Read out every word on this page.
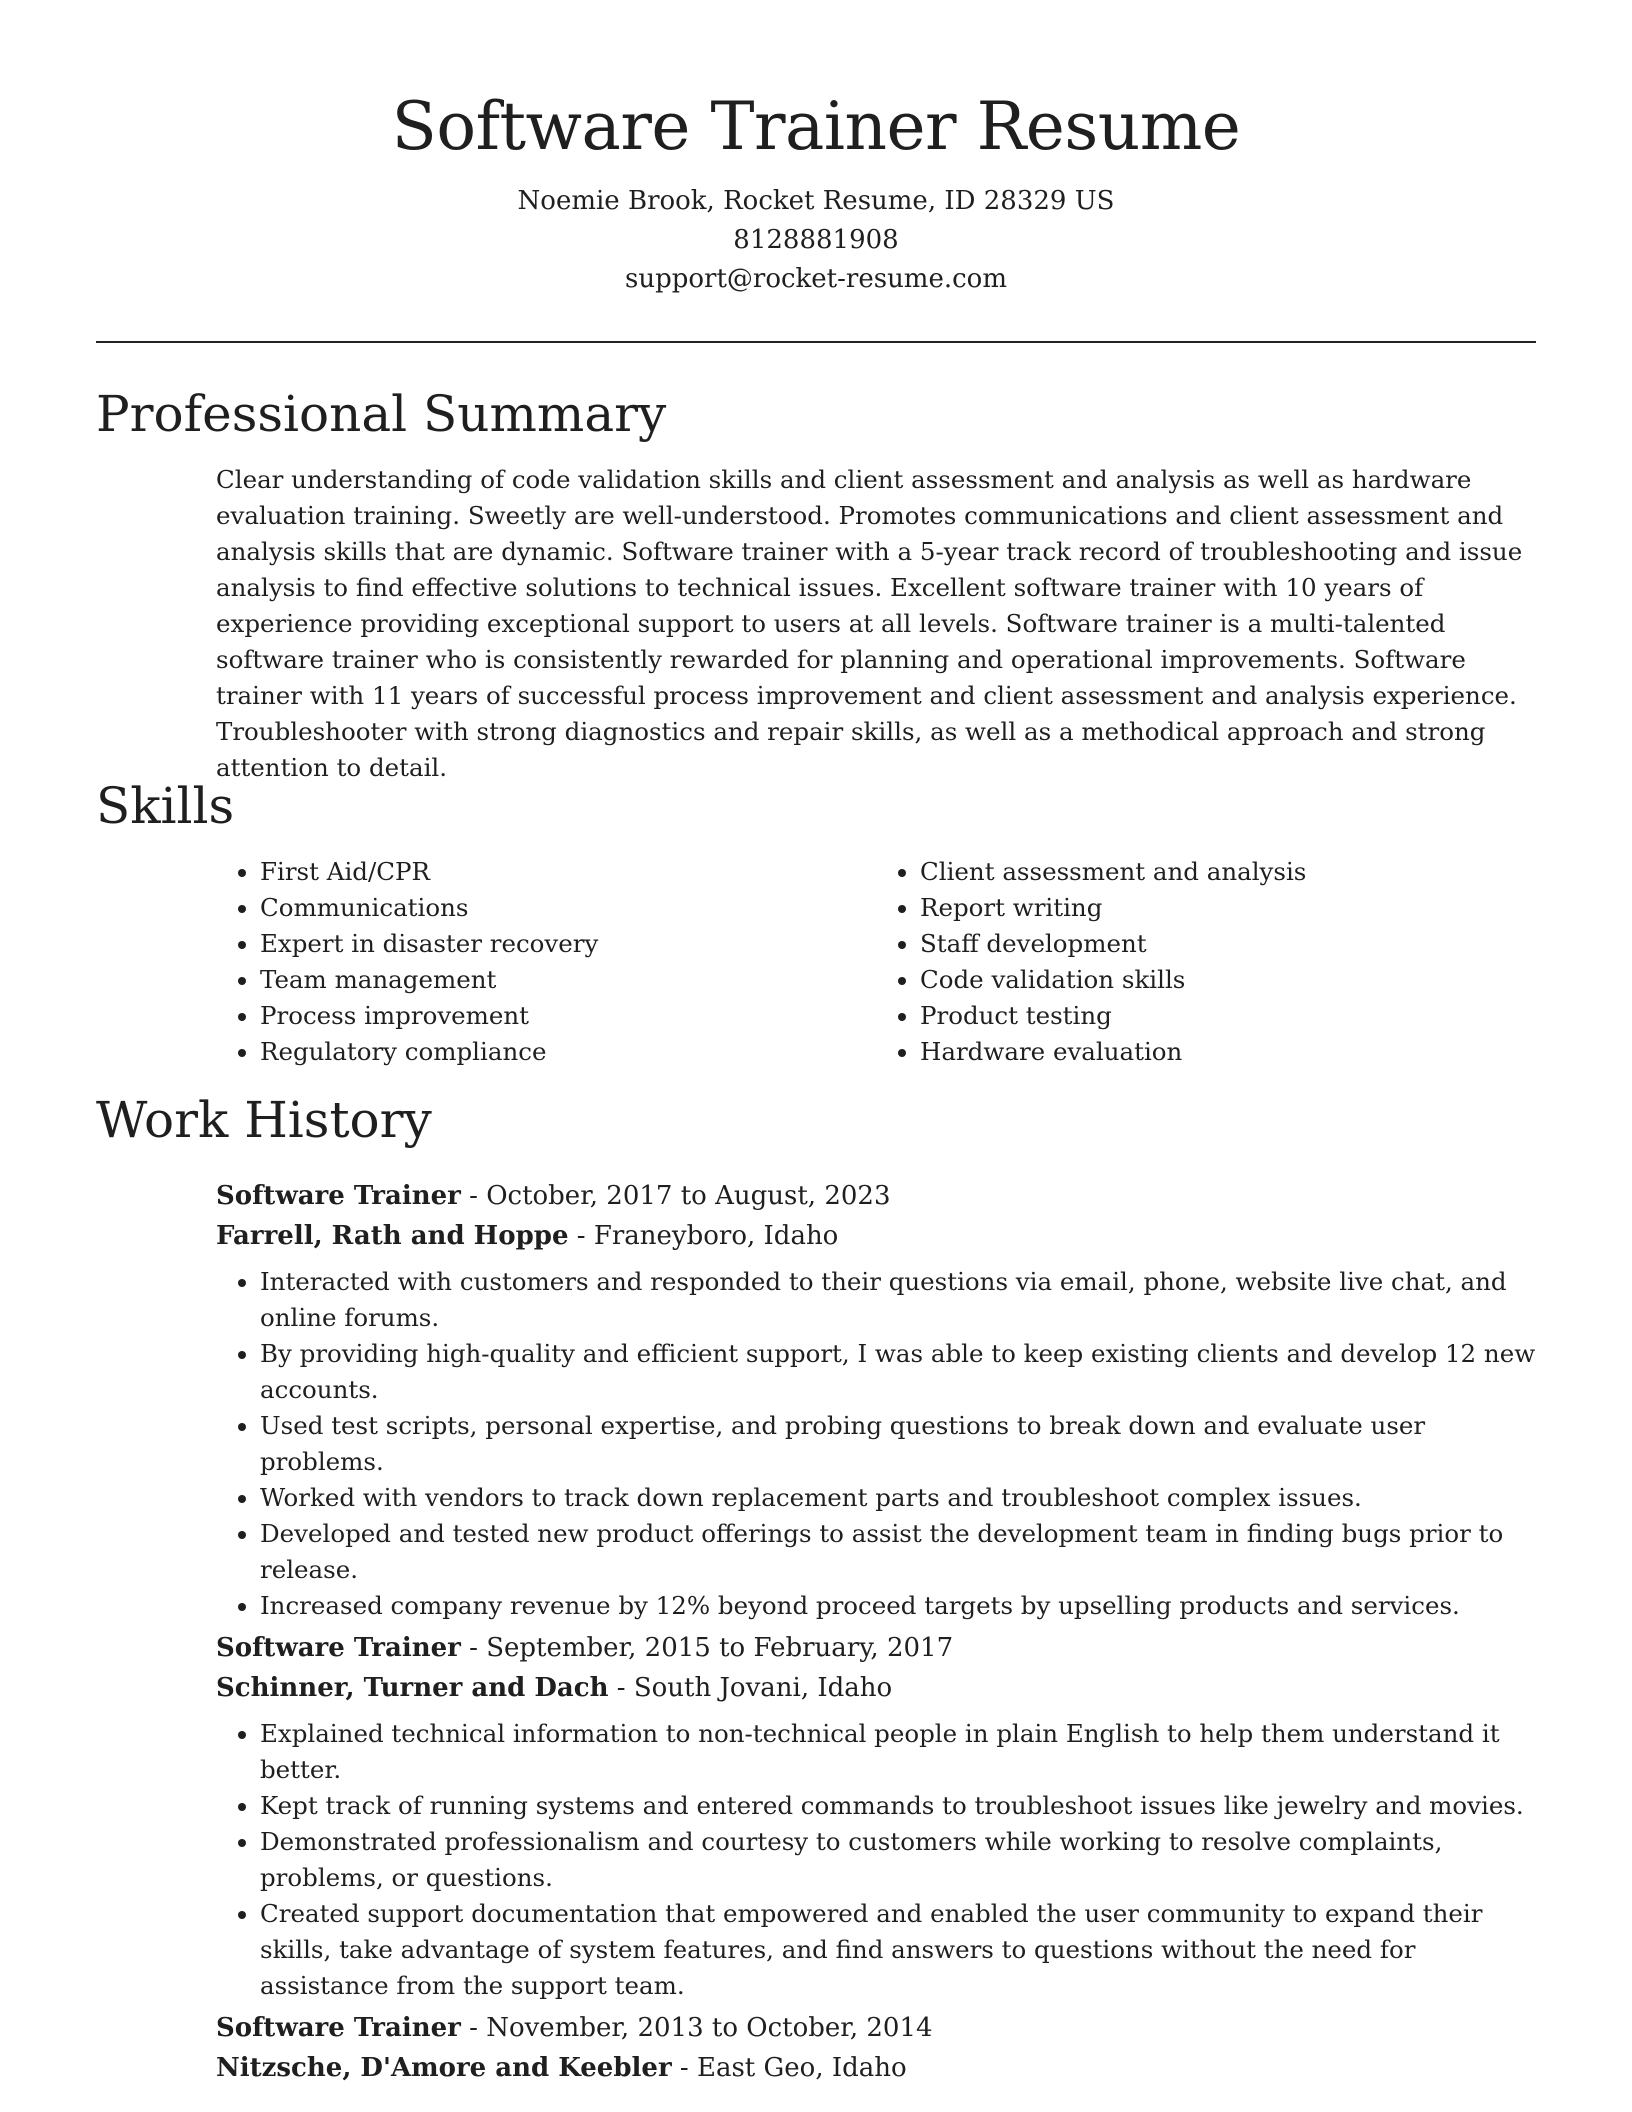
Software Trainer Resume
Noemie Brook, Rocket Resume, ID 28329 US
8128881908
support@rocket-resume.com
Professional Summary

Clear understanding of code validation skills and client assessment and analysis as well as hardware evaluation training. Sweetly are well-understood. Promotes communications and client assessment and analysis skills that are dynamic. Software trainer with a 5-year track record of troubleshooting and issue analysis to find effective solutions to technical issues. Excellent software trainer with 10 years of experience providing exceptional support to users at all levels. Software trainer is a multi-talented software trainer who is consistently rewarded for planning and operational improvements. Software trainer with 11 years of successful process improvement and client assessment and analysis experience. Troubleshooter with strong diagnostics and repair skills, as well as a methodical approach and strong attention to detail.

Skills
• First Aid/CPR
• Communications
• Expert in disaster recovery
• Team management
• Process improvement
• Regulatory compliance
• Client assessment and analysis
• Report writing
• Staff development
• Code validation skills
• Product testing
• Hardware evaluation
Work History
Software Trainer - October, 2017 to August, 2023
Farrell, Rath and Hoppe - Franeyboro, Idaho
• Interacted with customers and responded to their questions via email, phone, website live chat, and online forums.
• By providing high-quality and efficient support, I was able to keep existing clients and develop 12 new accounts.
• Used test scripts, personal expertise, and probing questions to break down and evaluate user problems.
• Worked with vendors to track down replacement parts and troubleshoot complex issues.
• Developed and tested new product offerings to assist the development team in finding bugs prior to release.
• Increased company revenue by 12% beyond proceed targets by upselling products and services.
Software Trainer - September, 2015 to February, 2017
Schinner, Turner and Dach - South Jovani, Idaho
• Explained technical information to non-technical people in plain English to help them understand it better.
• Kept track of running systems and entered commands to troubleshoot issues like jewelry and movies.
• Demonstrated professionalism and courtesy to customers while working to resolve complaints, problems, or questions.
• Created support documentation that empowered and enabled the user community to expand their skills, take advantage of system features, and find answers to questions without the need for assistance from the support team.
Software Trainer - November, 2013 to October, 2014
Nitzsche, D'Amore and Keebler - East Geo, Idaho
